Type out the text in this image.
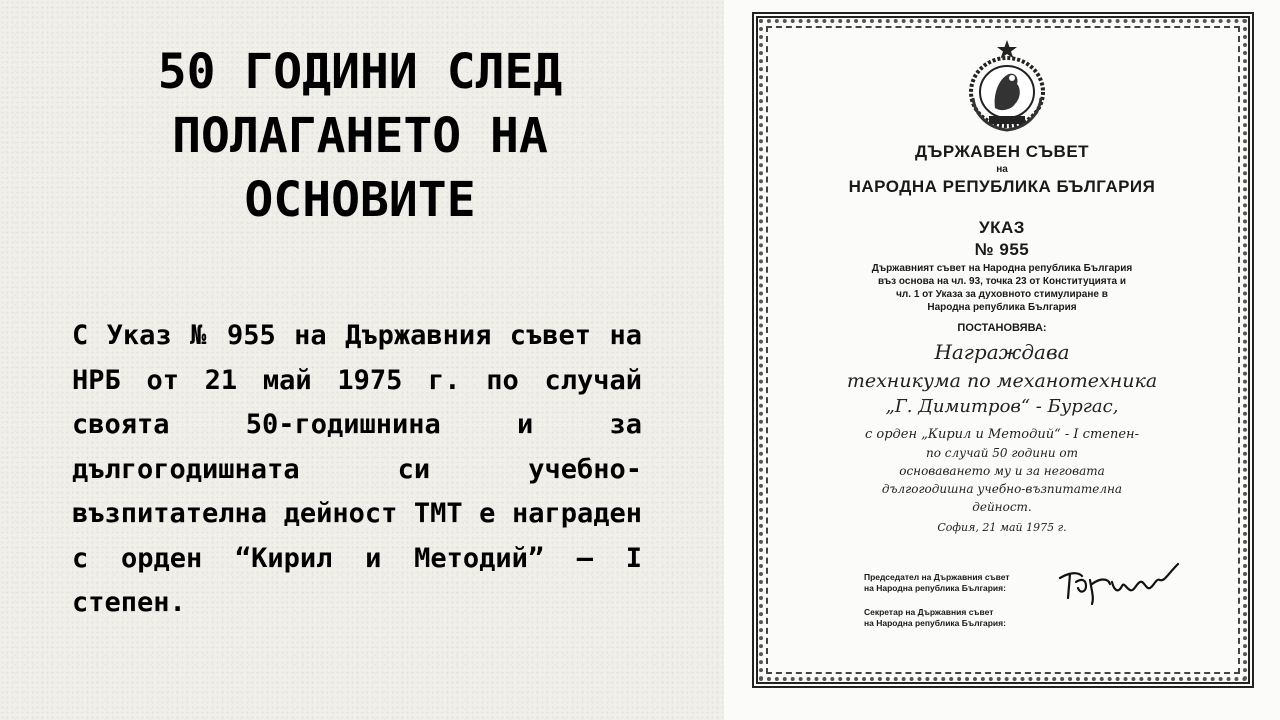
50 ГОДИНИ СЛЕД ПОЛАГАНЕТО НА ОСНОВИТЕ

С Указ № 955 на Държавния съвет на НРБ от 21 май 1975 г. по случай своята 50-годишнина и за дългогодишната си учебно-възпитателна дейност ТМТ е награден с орден “Кирил и Методий” – I степен.

ДЪРЖАВЕН СЪВЕТ
на
НАРОДНА РЕПУБЛИКА БЪЛГАРИЯ
УКАЗ
№ 955
Държавният съвет на Народна република България
въз основа на чл. 93, точка 23 от Конституцията и
чл. 1 от Указа за духовното стимулиране в
Народна република България
ПОСТАНОВЯВА:
Награждава
техникума по механотехника
„Г. Димитров“ - Бургас,
с орден „Кирил и Методий“ - I степен-
по случай 50 години от
основаването му и за неговата
дългогодишна учебно-възпитателна
дейност.
София, 21 май 1975 г.
Председател на Държавния съвет
на Народна република България:
Секретар на Държавния съвет
на Народна република България:
